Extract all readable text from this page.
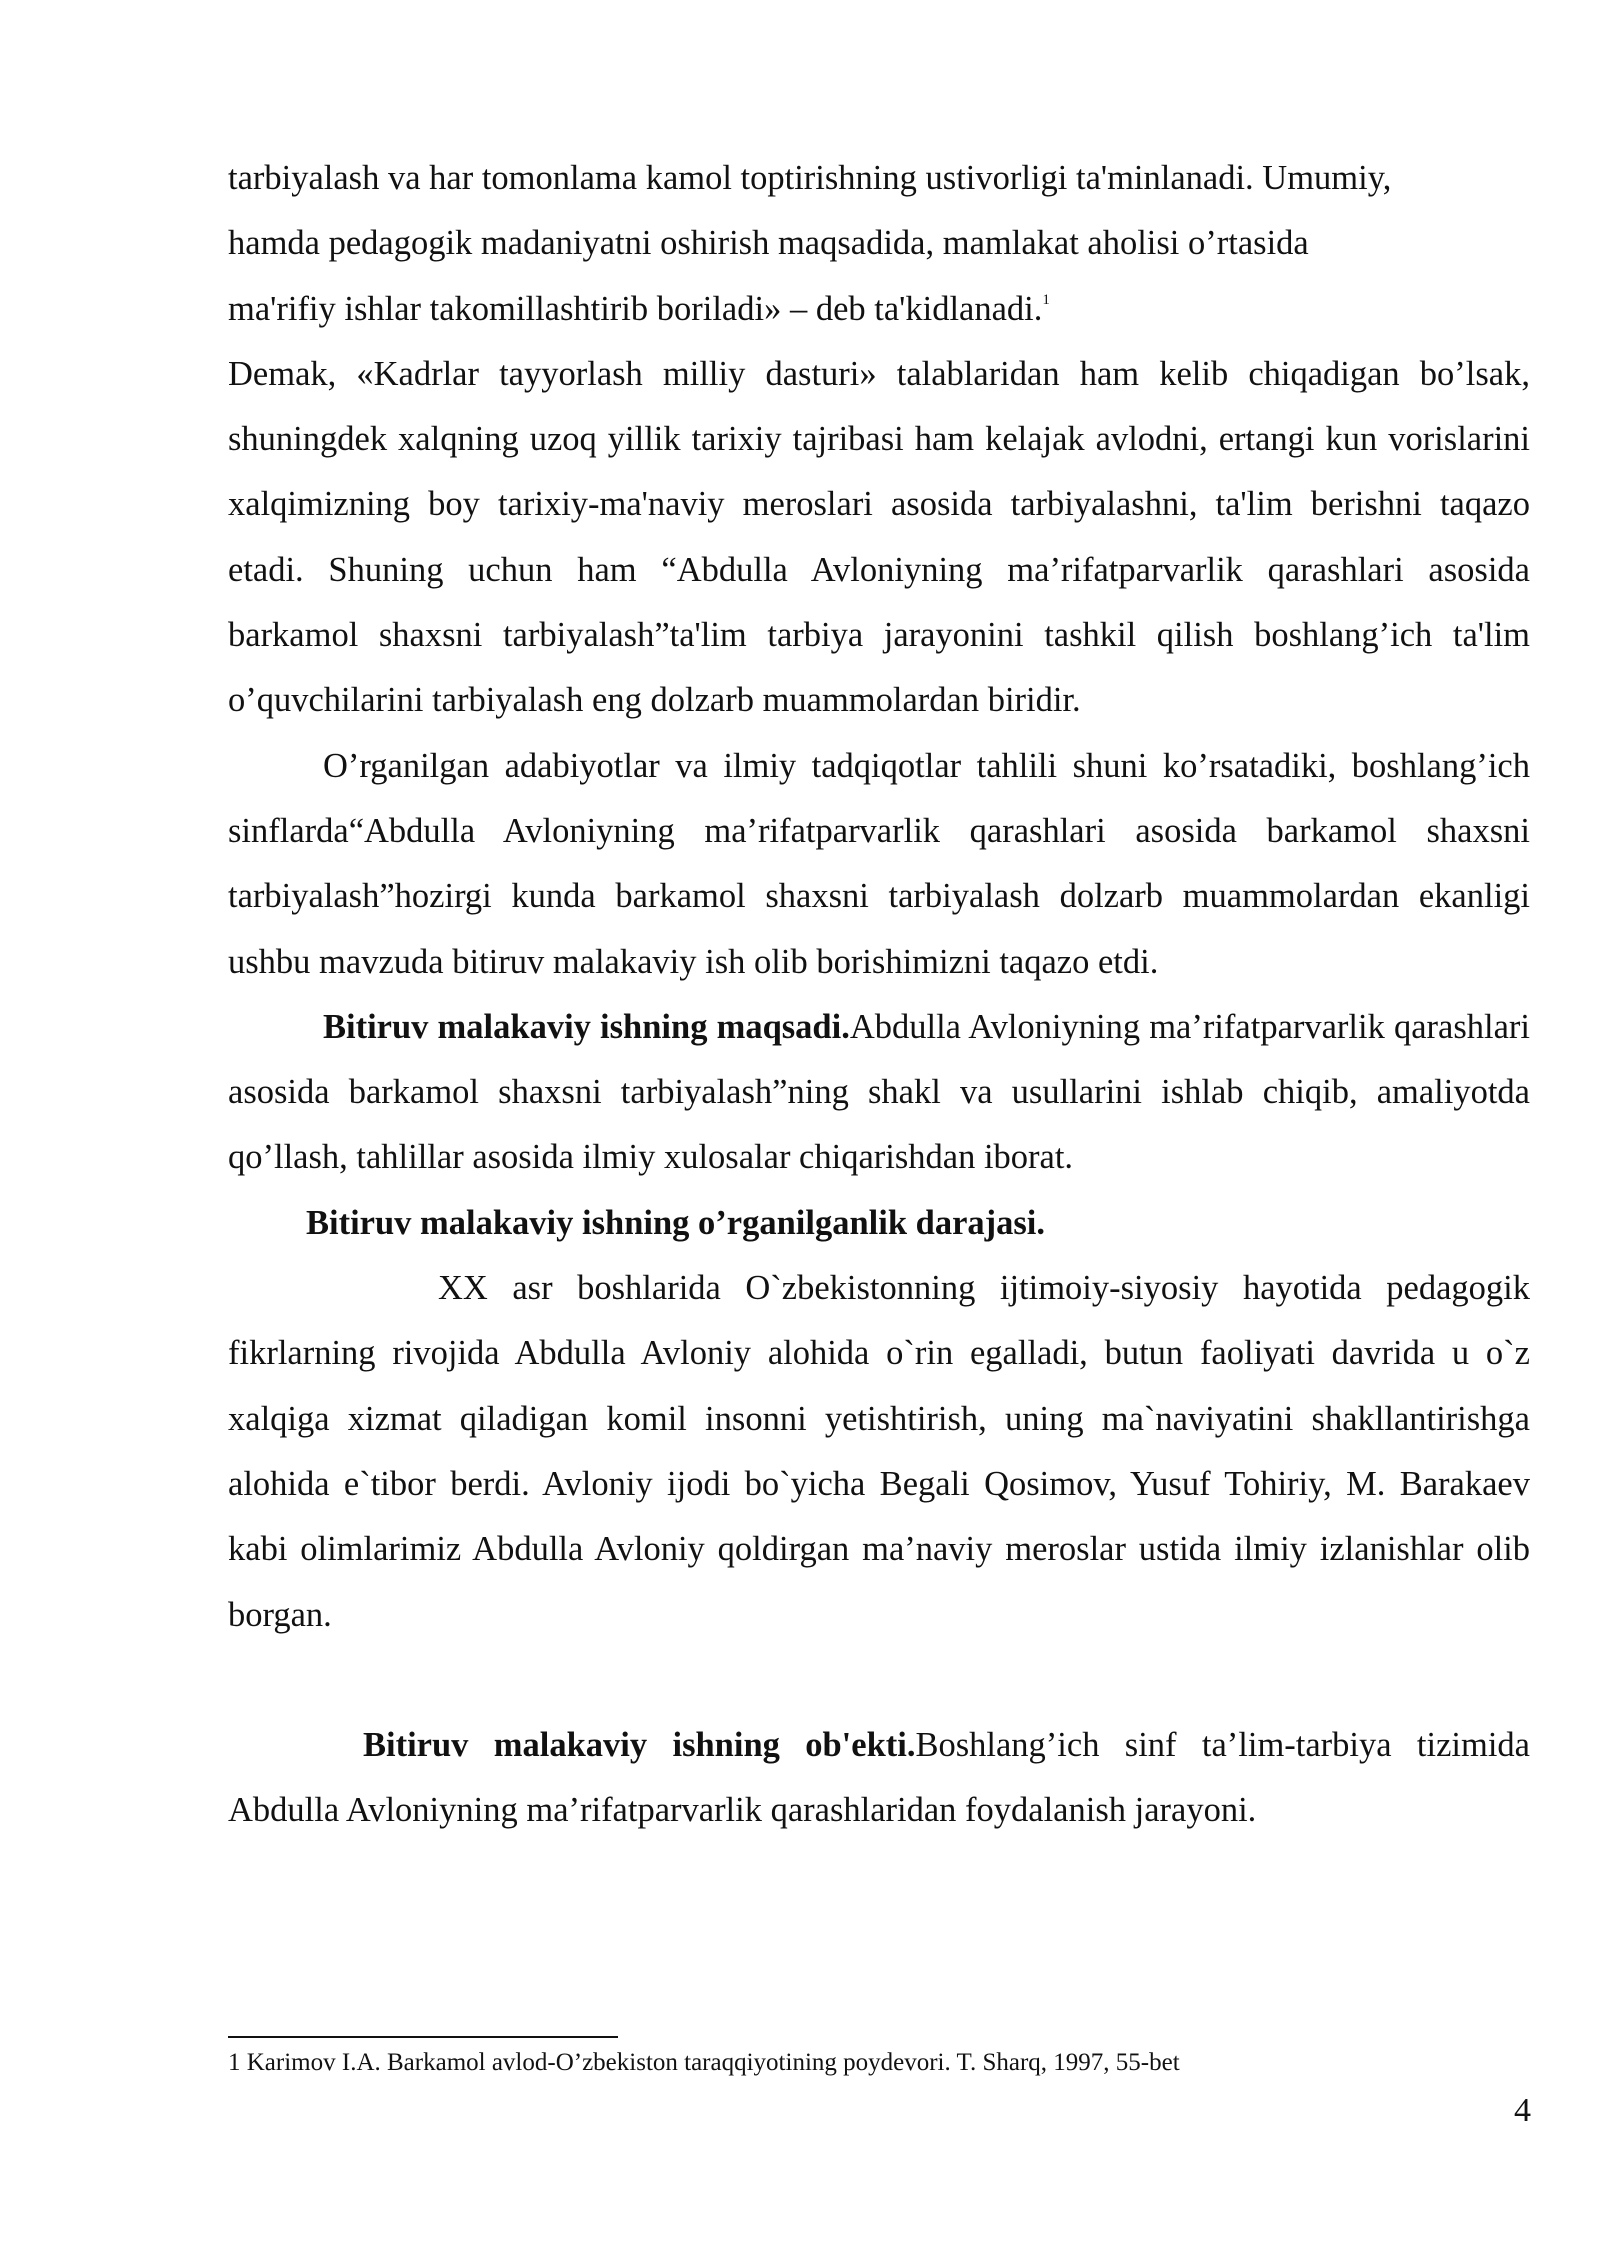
tarbiyalash va har tomonlama kamol toptirishning ustivorligi ta'minlanadi. Umumiy,

hamda pedagogik madaniyatni oshirish maqsadida, mamlakat aholisi o’rtasida

ma'rifiy ishlar takomillashtirib boriladi» – deb ta'kidlanadi.$^1$

Demak, «Kadrlar tayyorlash milliy dasturi» talablaridan ham kelib chiqadigan bo’lsak, shuningdek xalqning uzoq yillik tarixiy tajribasi ham kelajak avlodni, ertangi kun vorislarini xalqimizning boy tarixiy-ma'naviy meroslari asosida tarbiyalashni, ta'lim berishni taqazo etadi. Shuning uchun ham “Abdulla Avloniyning ma’rifatparvarlik qarashlari asosida barkamol shaxsni tarbiyalash”ta'lim tarbiya jarayonini tashkil qilish boshlang’ich ta'lim o’quvchilarini tarbiyalash eng dolzarb muammolardan biridir.

O’rganilgan adabiyotlar va ilmiy tadqiqotlar tahlili shuni ko’rsatadiki, boshlang’ich sinflarda“Abdulla Avloniyning ma’rifatparvarlik qarashlari asosida barkamol shaxsni tarbiyalash”hozirgi kunda barkamol shaxsni tarbiyalash dolzarb muammolardan ekanligi ushbu mavzuda bitiruv malakaviy ish olib borishimizni taqazo etdi.

Bitiruv malakaviy ishning maqsadi.Abdulla Avloniyning ma’rifatparvarlik qarashlari asosida barkamol shaxsni tarbiyalash”ning shakl va usullarini ishlab chiqib, amaliyotda qo’llash, tahlillar asosida ilmiy xulosalar chiqarishdan iborat.

Bitiruv malakaviy ishning o’rganilganlik darajasi.

XX asr boshlarida O`zbekistonning ijtimoiy-siyosiy hayotida pedagogik fikrlarning rivojida Abdulla Avloniy alohida o`rin egalladi, butun faoliyati davrida u o`z xalqiga xizmat qiladigan komil insonni yetishtirish, uning ma`naviyatini shakllantirishga alohida e`tibor berdi. Avloniy ijodi bo`yicha Begali Qosimov, Yusuf Tohiriy, M. Barakaev kabi olimlarimiz Abdulla Avloniy qoldirgan ma’naviy meroslar ustida ilmiy izlanishlar olib borgan.

Bitiruv malakaviy ishning ob'ekti.Boshlang’ich sinf ta’lim-tarbiya tizimida Abdulla Avloniyning ma’rifatparvarlik qarashlaridan foydalanish jarayoni.

1 Karimov I.A. Barkamol avlod-O’zbekiston taraqqiyotining poydevori. T. Sharq, 1997, 55-bet
4
